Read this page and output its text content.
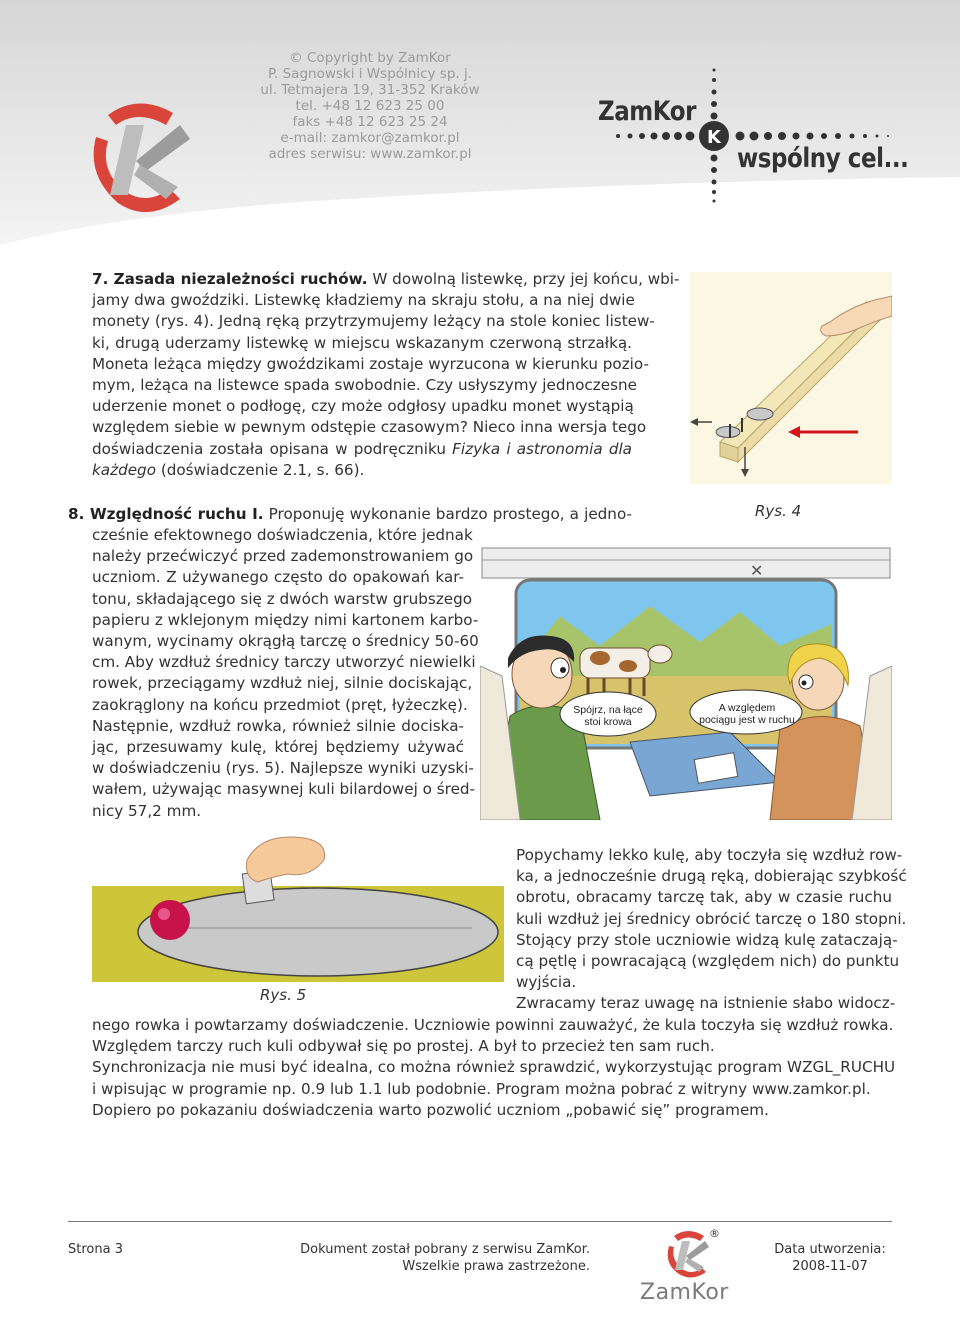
© Copyright by ZamKor
P. Sagnowski i Wspólnicy sp. j.
ul. Tetmajera 19, 31-352 Kraków
tel. +48 12 623 25 00
faks +48 12 623 25 24
e-mail: zamkor@zamkor.pl
adres serwisu: www.zamkor.pl
ZamKor
K
wspólny cel...
7. Zasada niezależności ruchów. W dowolną listewkę, przy jej końcu, wbi-
jamy dwa gwoździki. Listewkę kładziemy na skraju stołu, a na niej dwie
monety (rys. 4). Jedną ręką przytrzymujemy leżący na stole koniec listew-
ki, drugą uderzamy listewkę w miejscu wskazanym czerwoną strzałką.
Moneta leżąca między gwoździkami zostaje wyrzucona w kierunku pozio-
mym, leżąca na listewce spada swobodnie. Czy usłyszymy jednoczesne
uderzenie monet o podłogę, czy może odgłosy upadku monet wystąpią
względem siebie w pewnym odstępie czasowym? Nieco inna wersja tego
doświadczenia została opisana w podręczniku Fizyka i astronomia dla
każdego (doświadczenie 2.1, s. 66).
Rys. 4
8. Względność ruchu I. Proponuję wykonanie bardzo prostego, a jedno-
cześnie efektownego doświadczenia, które jednak
należy przećwiczyć przed zademonstrowaniem go
uczniom. Z używanego często do opakowań kar-
tonu, składającego się z dwóch warstw grubszego
papieru z wklejonym między nimi kartonem karbo-
wanym, wycinamy okrągłą tarczę o średnicy 50-60
cm. Aby wzdłuż średnicy tarczy utworzyć niewielki
rowek, przeciągamy wzdłuż niej, silnie dociskając,
zaokrąglony na końcu przedmiot (pręt, łyżeczkę).
Następnie, wzdłuż rowka, również silnie dociska-
jąc, przesuwamy kulę, której będziemy używać
w doświadczeniu (rys. 5). Najlepsze wyniki uzyski-
wałem, używając masywnej kuli bilardowej o śred-
nicy 57,2 mm.
✕
Spójrz, na łące
stoi krowa
A względem
pociągu jest w ruchu
Rys. 5
Popychamy lekko kulę, aby toczyła się wzdłuż row-
ka, a jednocześnie drugą ręką, dobierając szybkość
obrotu, obracamy tarczę tak, aby w czasie ruchu
kuli wzdłuż jej średnicy obrócić tarczę o 180 stopni.
Stojący przy stole uczniowie widzą kulę zataczają-
cą pętlę i powracającą (względem nich) do punktu
wyjścia.
Zwracamy teraz uwagę na istnienie słabo widocz-
nego rowka i powtarzamy doświadczenie. Uczniowie powinni zauważyć, że kula toczyła się wzdłuż rowka.
Względem tarczy ruch kuli odbywał się po prostej. A był to przecież ten sam ruch.
Synchronizacja nie musi być idealna, co można również sprawdzić, wykorzystując program WZGL_RUCHU
i wpisując w programie np. 0.9 lub 1.1 lub podobnie. Program można pobrać z witryny www.zamkor.pl.
Dopiero po pokazaniu doświadczenia warto pozwolić uczniom „pobawić się” programem.
Strona 3	Dokument został pobrany z serwisu ZamKor.
Wszelkie prawa zastrzeżone.
®
ZamKor
Data utworzenia:
2008-11-07
